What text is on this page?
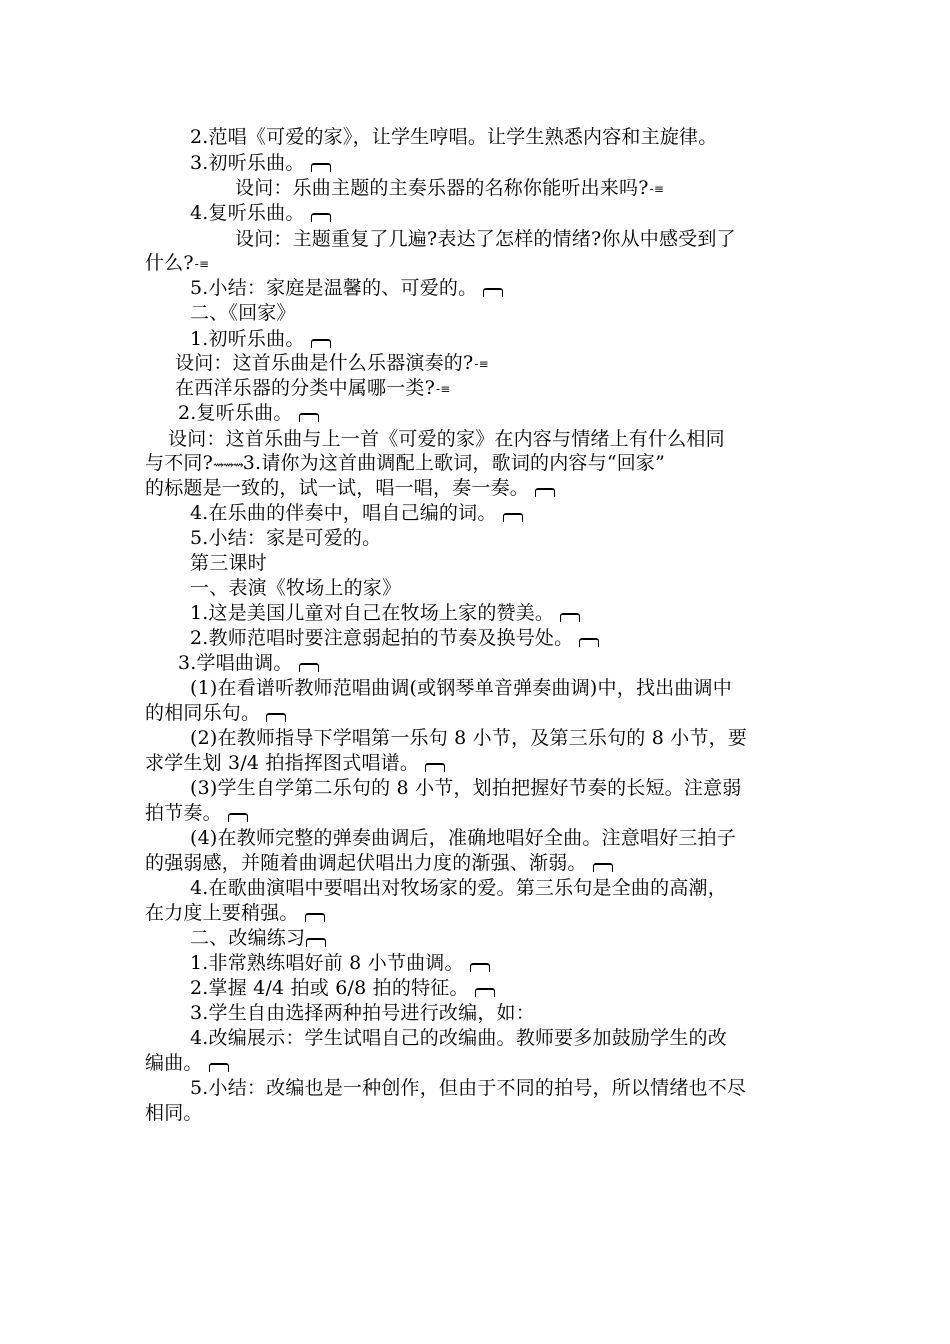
2.范唱《可爱的家》，让学生哼唱。让学生熟悉内容和主旋律。
3.初听乐曲。
设问：乐曲主题的主奏乐器的名称你能听出来吗?-≡
4.复听乐曲。
设问：主题重复了几遍?表达了怎样的情绪?你从中感受到了
什么?-≡
5.小结：家庭是温馨的、可爱的。
二、《回家》
1.初听乐曲。
设问：这首乐曲是什么乐器演奏的?-≡
在西洋乐器的分类中属哪一类?-≡
2.复听乐曲。
设问：这首乐曲与上一首《可爱的家》在内容与情绪上有什么相同
与不同?⇝⇝⇝3.请你为这首曲调配上歌词，歌词的内容与“回家”
的标题是一致的，试一试，唱一唱，奏一奏。
4.在乐曲的伴奏中，唱自己编的词。
5.小结：家是可爱的。
第三课时
一、表演《牧场上的家》
1.这是美国儿童对自己在牧场上家的赞美。
2.教师范唱时要注意弱起拍的节奏及换号处。
3.学唱曲调。
(1)在看谱听教师范唱曲调(或钢琴单音弹奏曲调)中，找出曲调中
的相同乐句。
(2)在教师指导下学唱第一乐句 8 小节，及第三乐句的 8 小节，要
求学生划 3/4 拍指挥图式唱谱。
(3)学生自学第二乐句的 8 小节，划拍把握好节奏的长短。注意弱
拍节奏。
(4)在教师完整的弹奏曲调后，准确地唱好全曲。注意唱好三拍子
的强弱感，并随着曲调起伏唱出力度的渐强、渐弱。
4.在歌曲演唱中要唱出对牧场家的爱。第三乐句是全曲的高潮，
在力度上要稍强。
二、改编练习
1.非常熟练唱好前 8 小节曲调。
2.掌握 4/4 拍或 6/8 拍的特征。
3.学生自由选择两种拍号进行改编，如：
4.改编展示：学生试唱自己的改编曲。教师要多加鼓励学生的改
编曲。
5.小结：改编也是一种创作，但由于不同的拍号，所以情绪也不尽
相同。
